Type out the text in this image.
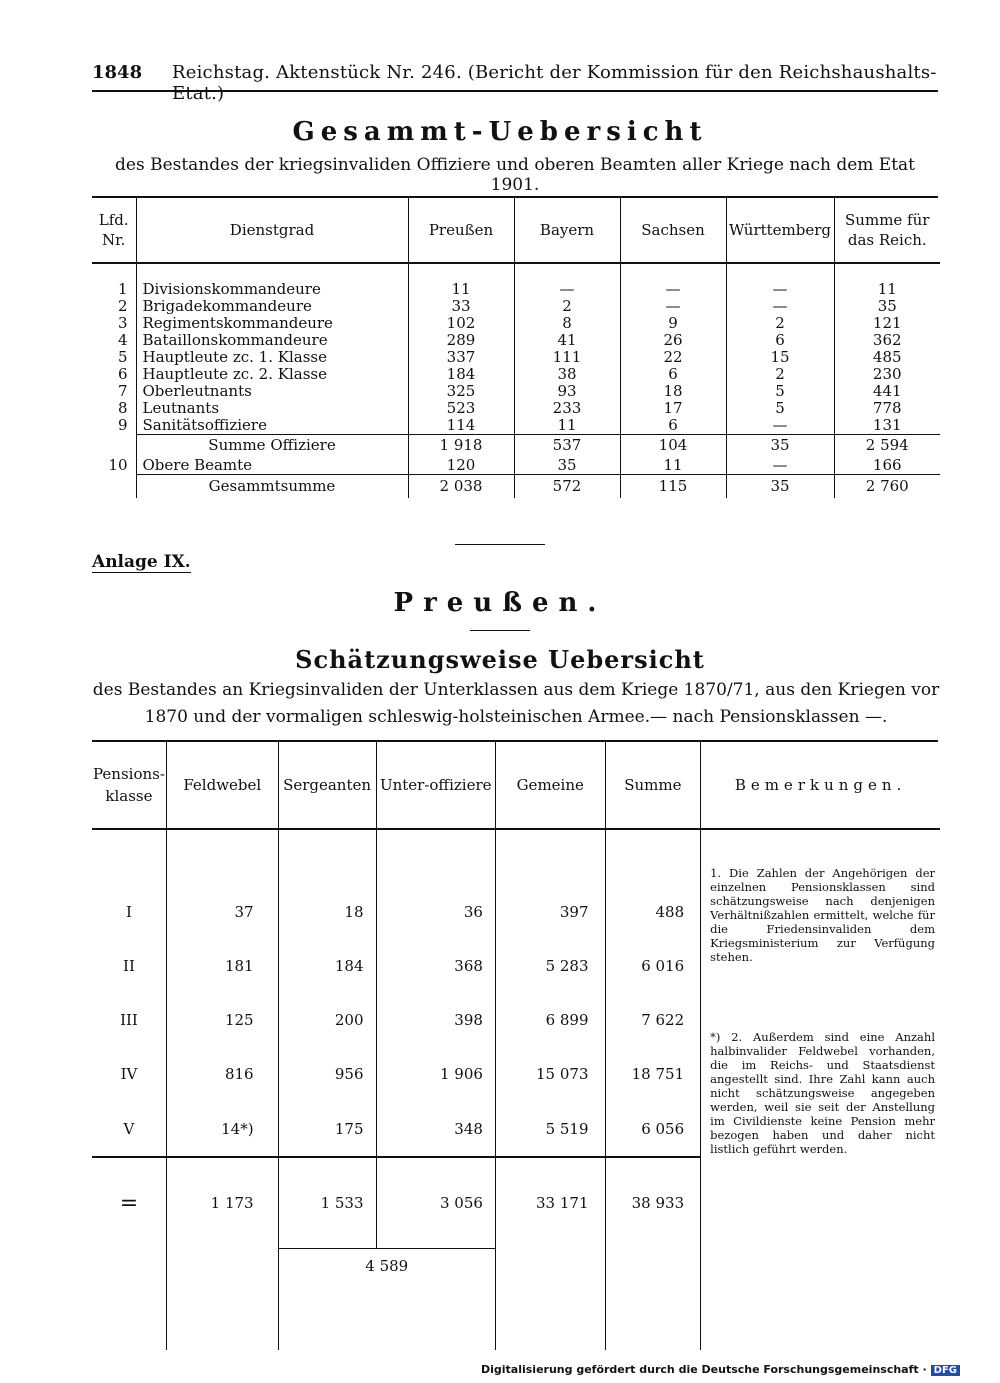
1848 Reichstag. Aktenstück Nr. 246. (Bericht der Kommission für den Reichshaushalts-Etat.)
Gesammt-Uebersicht
des Bestandes der kriegsinvaliden Offiziere und oberen Beamten aller Kriege nach dem Etat 1901.
Lfd. Nr.	Dienstgrad	Preußen	Bayern	Sachsen	Württemberg	Summe für das Reich.

1	Divisionskommandeure	11	—	—	—	11
2	Brigadekommandeure	33	2	—	—	35
3	Regimentskommandeure	102	8	9	2	121
4	Bataillonskommandeure	289	41	26	6	362
5	Hauptleute zc. 1. Klasse	337	111	22	15	485
6	Hauptleute zc. 2. Klasse	184	38	6	2	230
7	Oberleutnants	325	93	18	5	441
8	Leutnants	523	233	17	5	778
9	Sanitätsoffiziere	114	11	6	—	131
	Summe Offiziere	1 918	537	104	35	2 594
10	Obere Beamte	120	35	11	—	166
	Gesammtsumme	2 038	572	115	35	2 760
Anlage IX.
Preußen.
Schätzungsweise Uebersicht
des Bestandes an Kriegsinvaliden der Unterklassen aus dem Kriege 1870/71, aus den Kriegen vor
1870 und der vormaligen schleswig-holsteinischen Armee.— nach Pensionsklassen —.
Pensions-klasse	Feldwebel	Sergeanten	Unter-offiziere	Gemeine	Summe	Bemerkungen.

						1. Die Zahlen der Angehörigen der einzelnen Pensionsklassen sind schätzungsweise nach denjenigen Verhältnißzahlen ermittelt, welche für die Friedensinvaliden dem Kriegsministerium zur Verfügung stehen.
*) 2. Außerdem sind eine Anzahl halbinvalider Feldwebel vorhanden, die im Reichs- und Staatsdienst angestellt sind. Ihre Zahl kann auch nicht schätzungsweise angegeben werden, weil sie seit der Anstellung im Civildienste keine Pension mehr bezogen haben und daher nicht listlich geführt werden.

I	37	18	36	397	488	
II	181	184	368	5 283	6 016	
III	125	200	398	6 899	7 622	
IV	816	956	1 906	15 073	18 751	
V	14*)	175	348	5 519	6 056	
=	1 173	1 533	3 056	33 171	38 933	
		4 589				
Digitalisierung gefördert durch die Deutsche Forschungsgemeinschaft · DFG
